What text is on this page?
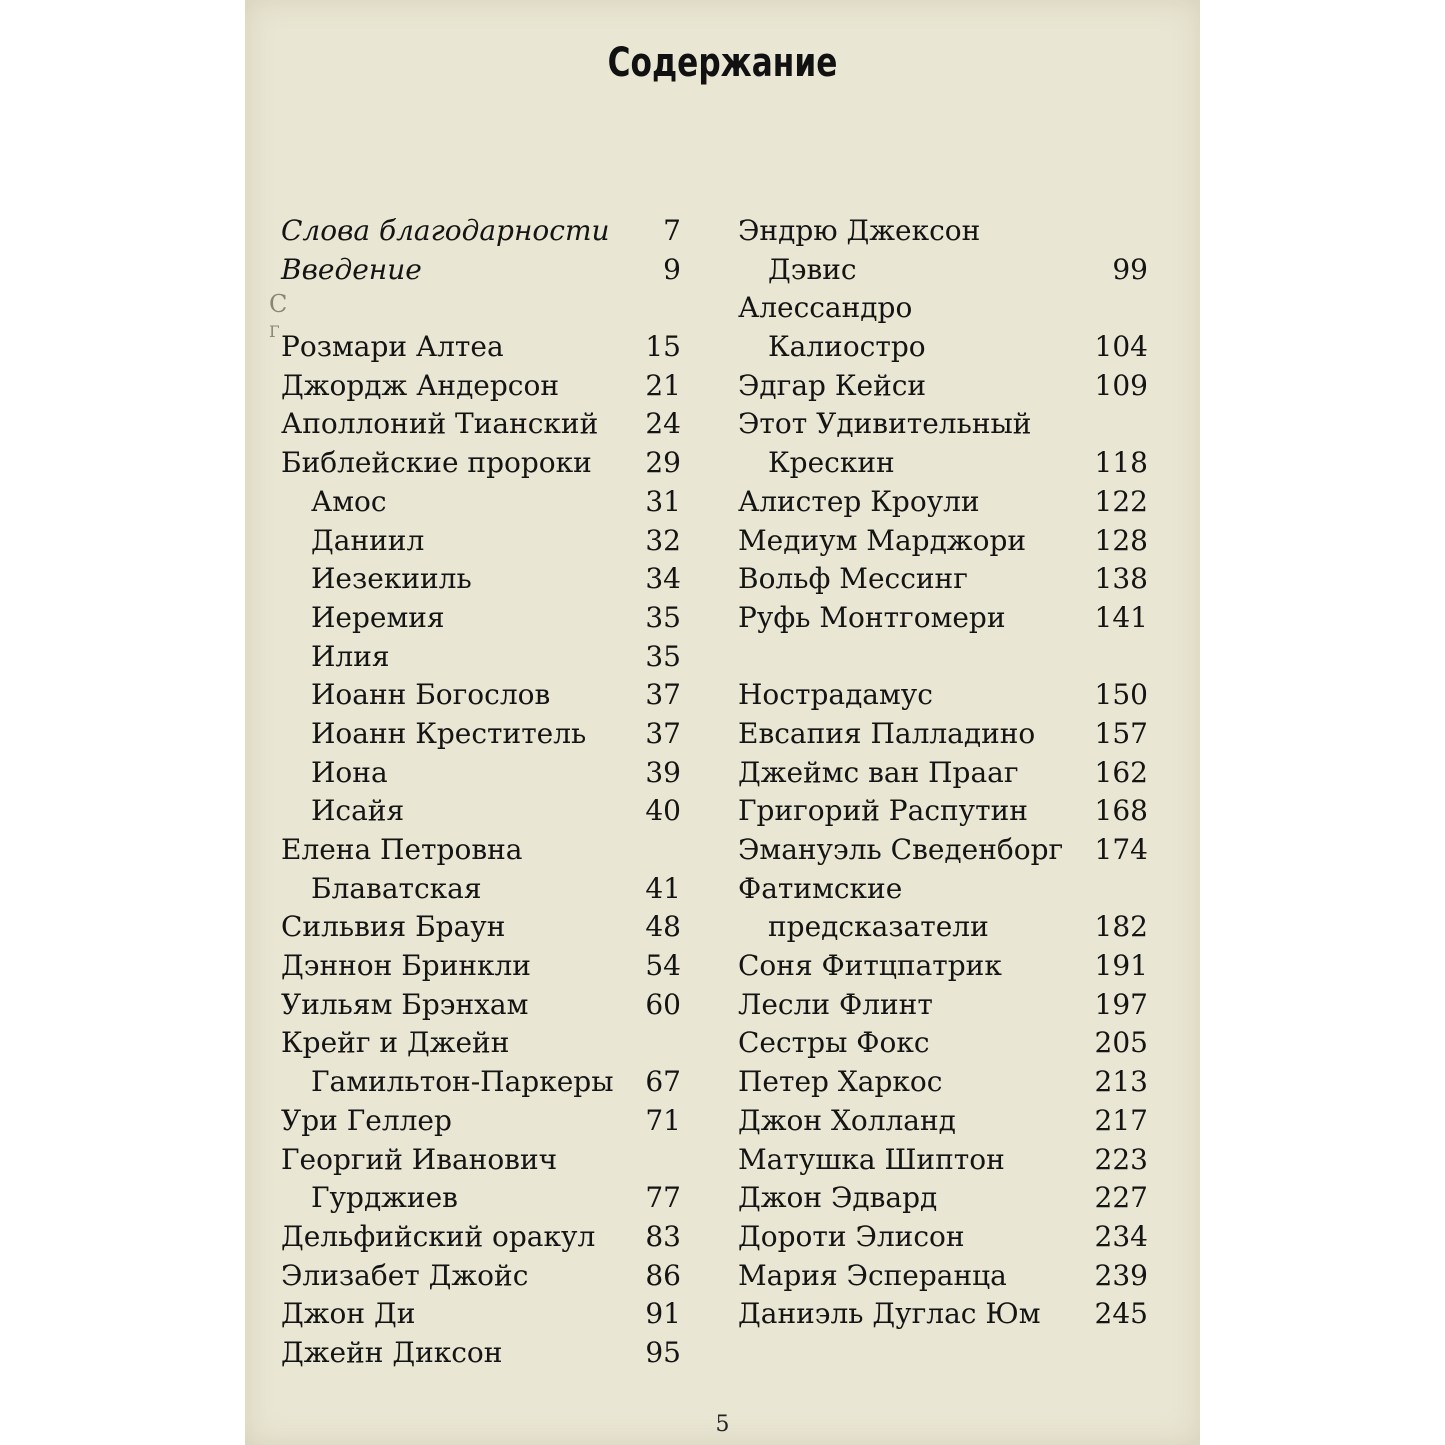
Содержание
С
Г
Слова благодарности 7
Введение	9
Розмари Алтеа	15
Джордж Андерсон	21
Аполлоний Тианский 24
Библейские пророки 29
Амос	31
Даниил	32
Иезекииль	34
Иеремия	35
Илия	35
Иоанн Богослов	37
Иоанн Креститель 37
Иона	39
Исайя	40
Елена Петровна
Блаватская	41
Сильвия Браун	48
Дэннон Бринкли	54
Уильям Брэнхам	60
Крейг и Джейн
Гамильтон-Паркеры 67
Ури Геллер	71
Георгий Иванович
Гурджиев	77
Дельфийский оракул 83
Элизабет Джойс	86
Джон Ди	91
Джейн Диксон	95
Эндрю Джексон
Дэвис	99
Алессандро
Калиостро	104
Эдгар Кейси	109
Этот Удивительный
Крескин	118
Алистер Кроули	122
Медиум Марджори 128
Вольф Мессинг	138
Руфь Монтгомери	141
Нострадамус	150
Евсапия Палладино 157
Джеймс ван Прааг	162
Григорий Распутин 168
Эмануэль Сведенборг 174
Фатимские
предсказатели	182
Соня Фитцпатрик	191
Лесли Флинт	197
Сестры Фокс	205
Петер Харкос	213
Джон Холланд	217
Матушка Шиптон	223
Джон Эдвард	227
Дороти Элисон	234
Мария Эсперанца	239
Даниэль Дуглас Юм 245
5
